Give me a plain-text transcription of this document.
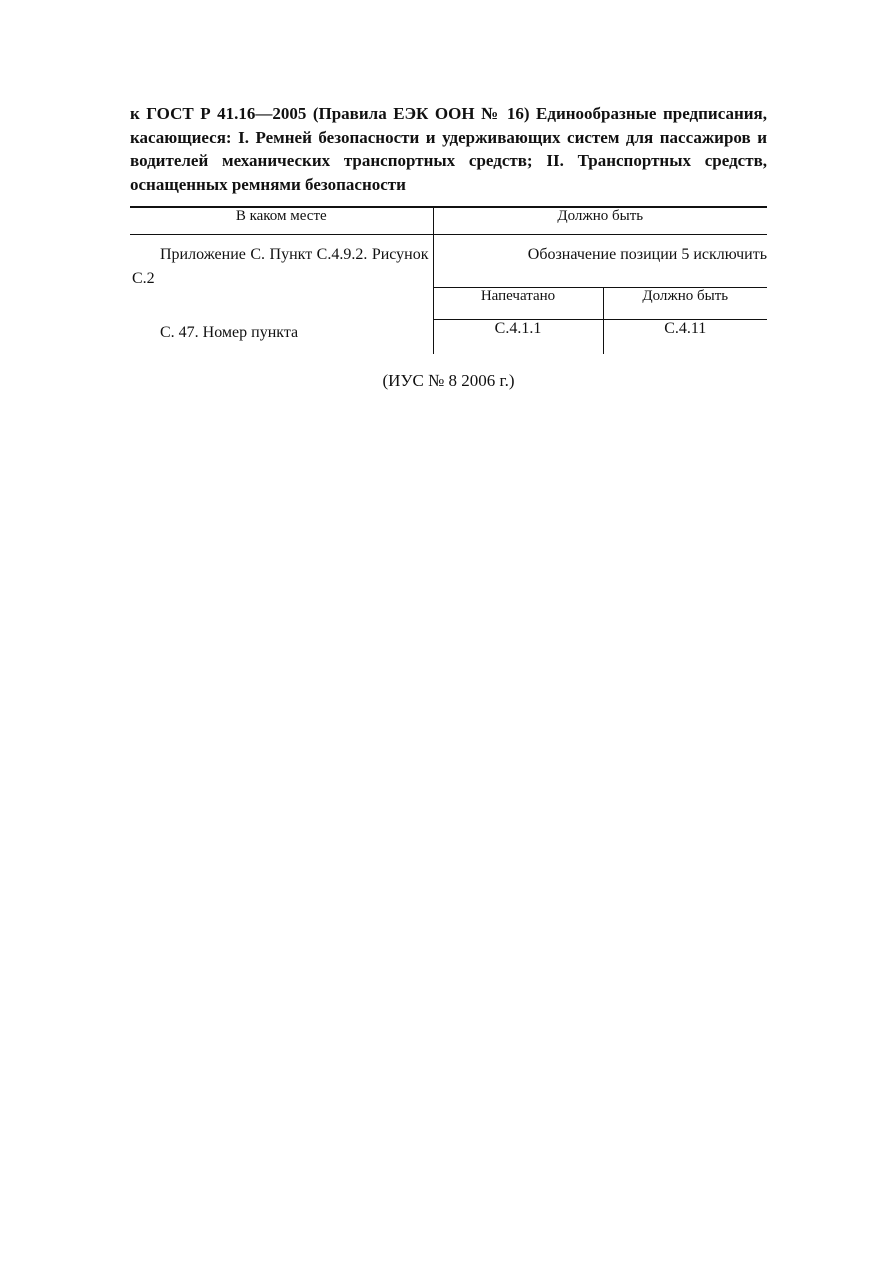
к ГОСТ Р 41.16—2005 (Правила ЕЭК ООН № 16) Единообразные предписания, касающиеся: I. Ремней безопасности и удерживающих систем для пассажиров и водителей механических транспортных средств; II. Транспортных средств, оснащенных ремнями безопасности
В каком месте	Должно быть	

Приложение С. Пункт С.4.9.2. Рисунок С.2	Обозначение позиции 5 исключить	

	Напечатано	Должно быть

С. 47. Номер пункта	С.4.1.1	С.4.11
(ИУС № 8 2006 г.)
